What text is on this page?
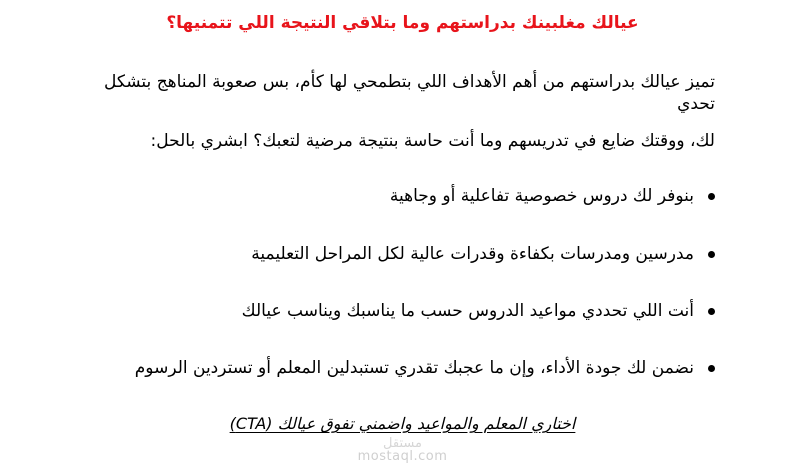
عيالك مغلبينك بدراستهم وما بتلاقي النتيجة اللي تتمنيها؟
تميز عيالك بدراستهم من أهم الأهداف اللي بتطمحي لها كأم، بس صعوبة المناهج بتشكل تحدي
لك، ووقتك ضايع في تدريسهم وما أنت حاسة بنتيجة مرضية لتعبك؟ ابشري بالحل:
بنوفر لك دروس خصوصية تفاعلية أو وجاهية
مدرسين ومدرسات بكفاءة وقدرات عالية لكل المراحل التعليمية
أنت اللي تحددي مواعيد الدروس حسب ما يناسبك ويناسب عيالك
نضمن لك جودة الأداء، وإن ما عجبك تقدري تستبدلين المعلم أو تستردين الرسوم
اختاري المعلم والمواعيد واضمني تفوق عيالك (CTA)
مستقل
mostaql.com
